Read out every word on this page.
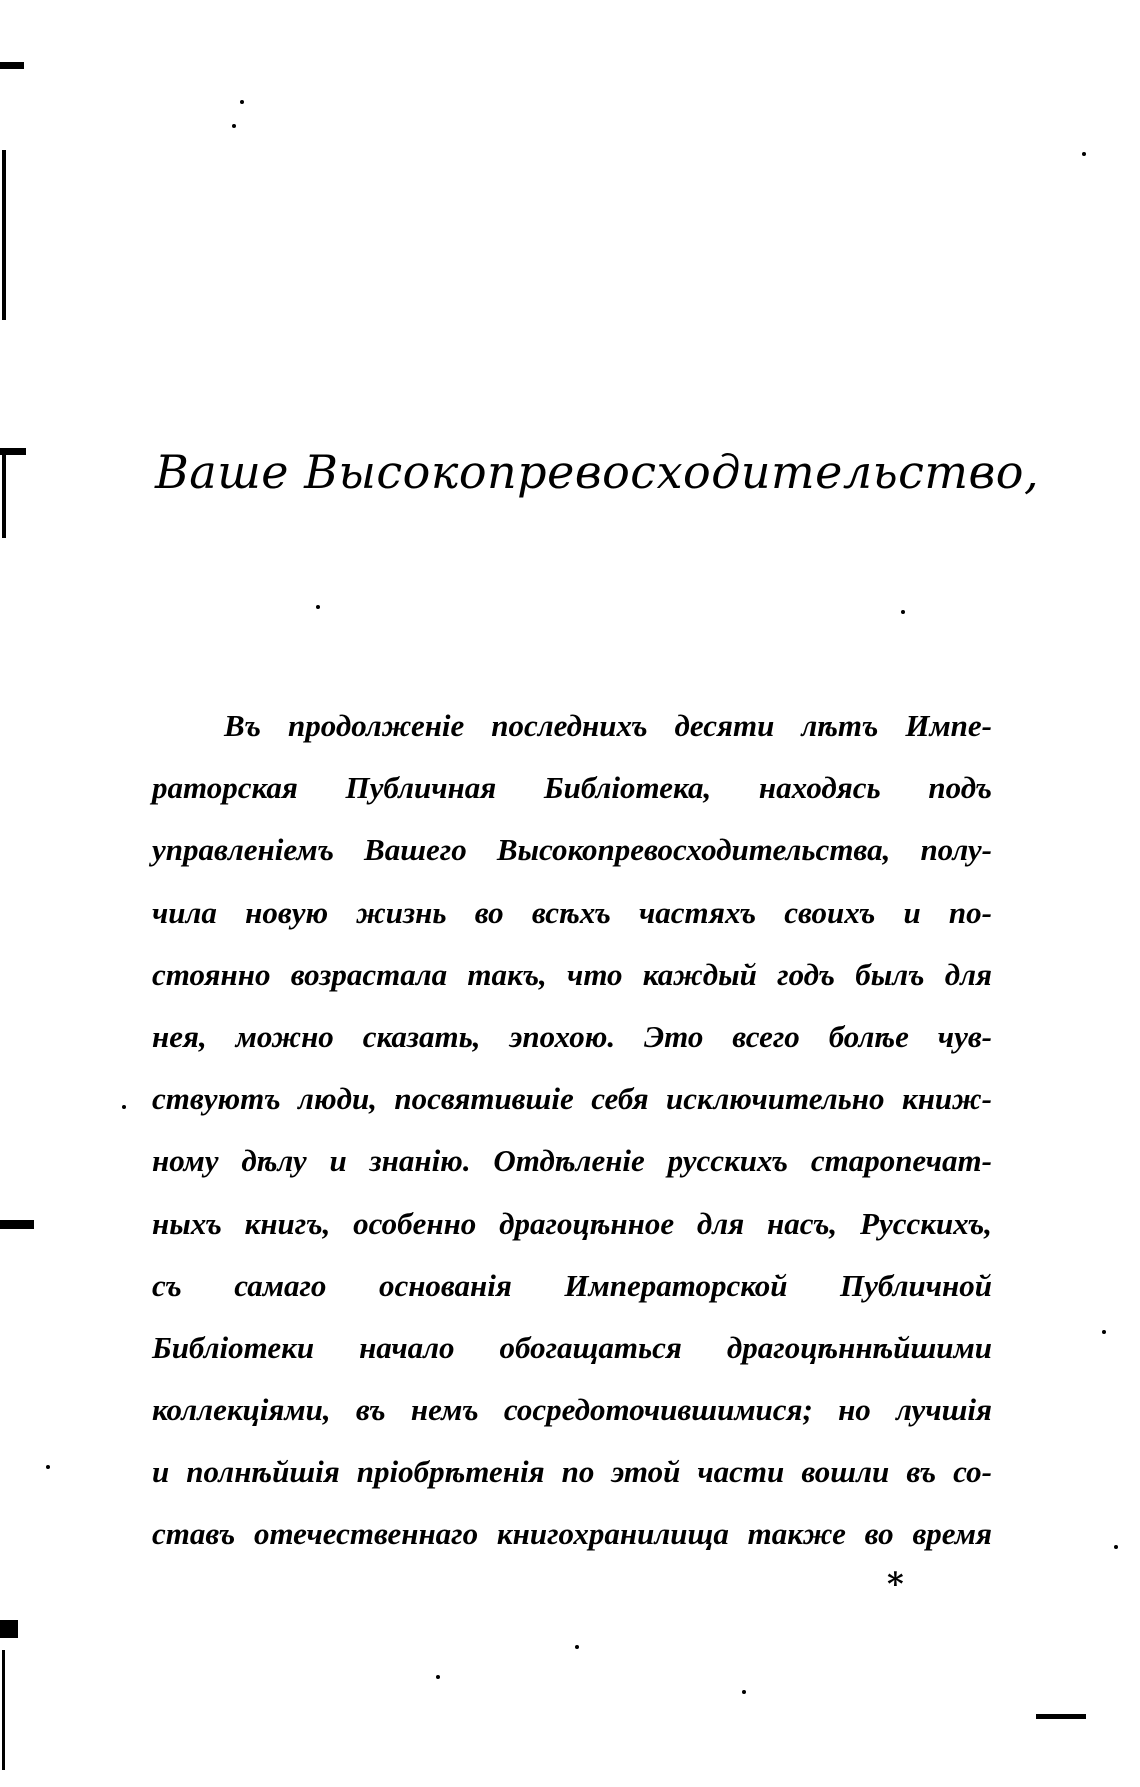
Ваше Высокопревосходительство,
Въ продолженіе последнихъ десяти лѣтъ Импе-
раторская Публичная Библіотека, находясь подъ
управленіемъ Вашего Высокопревосходительства, полу-
чила новую жизнь во всѣхъ частяхъ своихъ и по-
стоянно возрастала такъ, что каждый годъ былъ для
нея, можно сказать, эпохою. Это всего болѣе чув-
ствуютъ люди, посвятившіе себя исключительно книж-
ному дѣлу и знанію. Отдѣленіе русскихъ старопечат-
ныхъ книгъ, особенно драгоцѣнное для насъ, Русскихъ,
съ самаго основанія Императорской Публичной
Библіотеки начало обогащаться драгоцѣннѣйшими
коллекціями, въ немъ сосредоточившимися; но лучшія
и полнѣйшія пріобрѣтенія по этой части вошли въ со-
ставъ отечественнаго книгохранилища также во время
*
